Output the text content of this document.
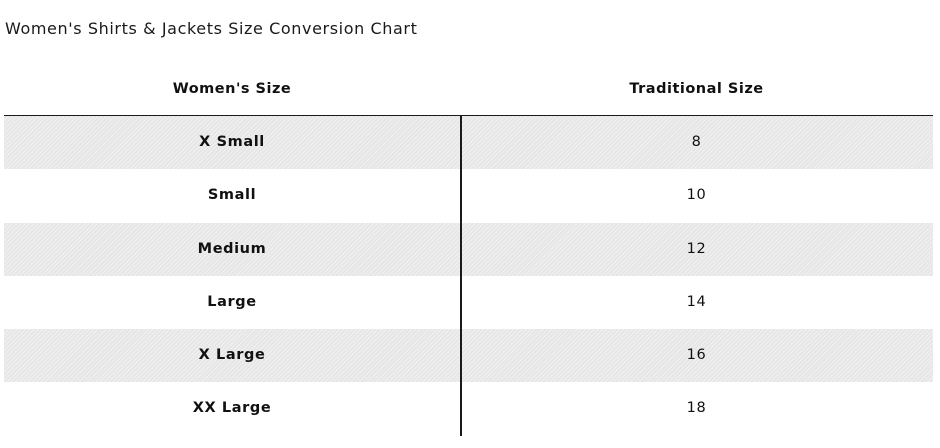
Women's Shirts & Jackets Size Conversion Chart
Women's Size	Traditional Size
X Small	8
Small	10
Medium	12
Large	14
X Large	16
XX Large	18
